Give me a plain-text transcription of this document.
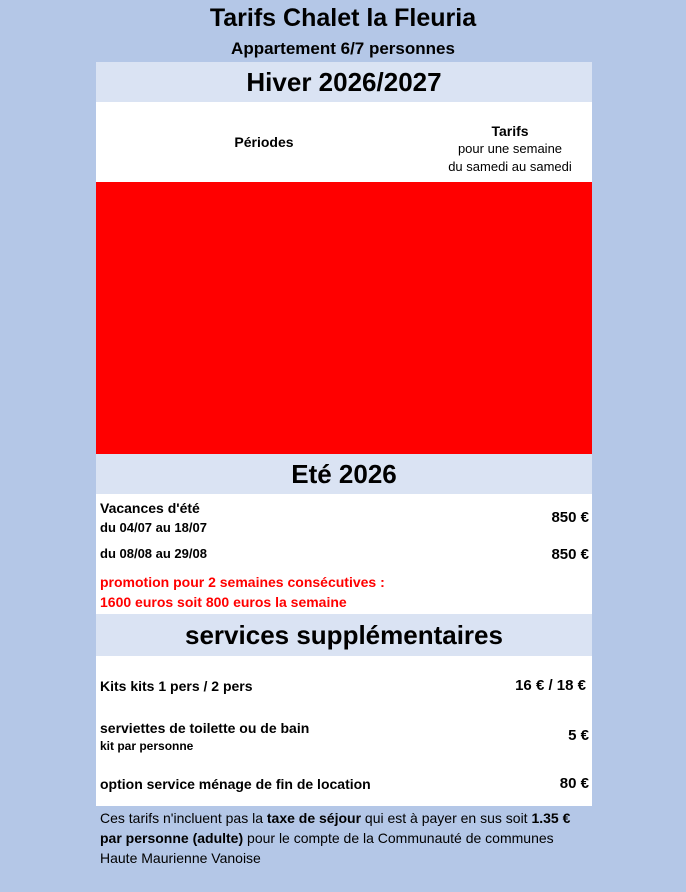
Tarifs Chalet la Fleuria
Appartement 6/7 personnes
Hiver 2026/2027
Périodes
Tarifs
pour une semaine
du samedi au samedi
Eté 2026
Vacances d'été
du 04/07 au 18/07
850 €
du 08/08 au 29/08	850 €
promotion pour 2 semaines consécutives :
1600 euros soit 800 euros la semaine
services supplémentaires
Kits kits 1 pers / 2 pers	16 € / 18 €
serviettes de toilette ou de bain
kit par personne
5 €
option service ménage de fin de location	80 €
Ces tarifs n'incluent pas la taxe de séjour qui est à payer en sus soit 1.35 € par personne (adulte) pour le compte de la Communauté de communes Haute Maurienne Vanoise
